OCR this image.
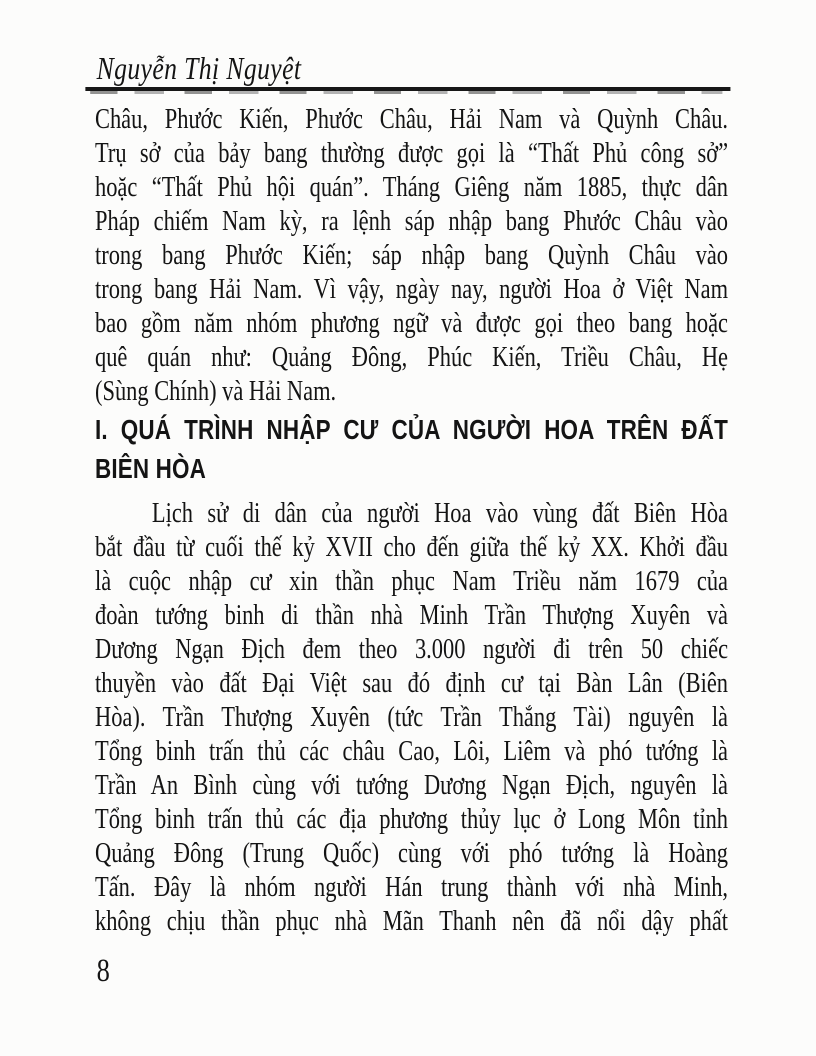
Nguyễn Thị Nguyệt
Châu, Phước Kiến, Phước Châu, Hải Nam và Quỳnh Châu.
Trụ sở của bảy bang thường được gọi là “Thất Phủ công sở”
hoặc “Thất Phủ hội quán”. Tháng Giêng năm 1885, thực dân
Pháp chiếm Nam kỳ, ra lệnh sáp nhập bang Phước Châu vào
trong bang Phước Kiến; sáp nhập bang Quỳnh Châu vào
trong bang Hải Nam. Vì vậy, ngày nay, người Hoa ở Việt Nam
bao gồm năm nhóm phương ngữ và được gọi theo bang hoặc
quê quán như: Quảng Đông, Phúc Kiến, Triều Châu, Hẹ
(Sùng Chính) và Hải Nam.
I. QUÁ TRÌNH NHẬP CƯ CỦA NGƯỜI HOA TRÊN ĐẤT
BIÊN HÒA
Lịch sử di dân của người Hoa vào vùng đất Biên Hòa
bắt đầu từ cuối thế kỷ XVII cho đến giữa thế kỷ XX. Khởi đầu
là cuộc nhập cư xin thần phục Nam Triều năm 1679 của
đoàn tướng binh di thần nhà Minh Trần Thượng Xuyên và
Dương Ngạn Địch đem theo 3.000 người đi trên 50 chiếc
thuyền vào đất Đại Việt sau đó định cư tại Bàn Lân (Biên
Hòa). Trần Thượng Xuyên (tức Trần Thắng Tài) nguyên là
Tổng binh trấn thủ các châu Cao, Lôi, Liêm và phó tướng là
Trần An Bình cùng với tướng Dương Ngạn Địch, nguyên là
Tổng binh trấn thủ các địa phương thủy lục ở Long Môn tỉnh
Quảng Đông (Trung Quốc) cùng với phó tướng là Hoàng
Tấn. Đây là nhóm người Hán trung thành với nhà Minh,
không chịu thần phục nhà Mãn Thanh nên đã nổi dậy phất
8
